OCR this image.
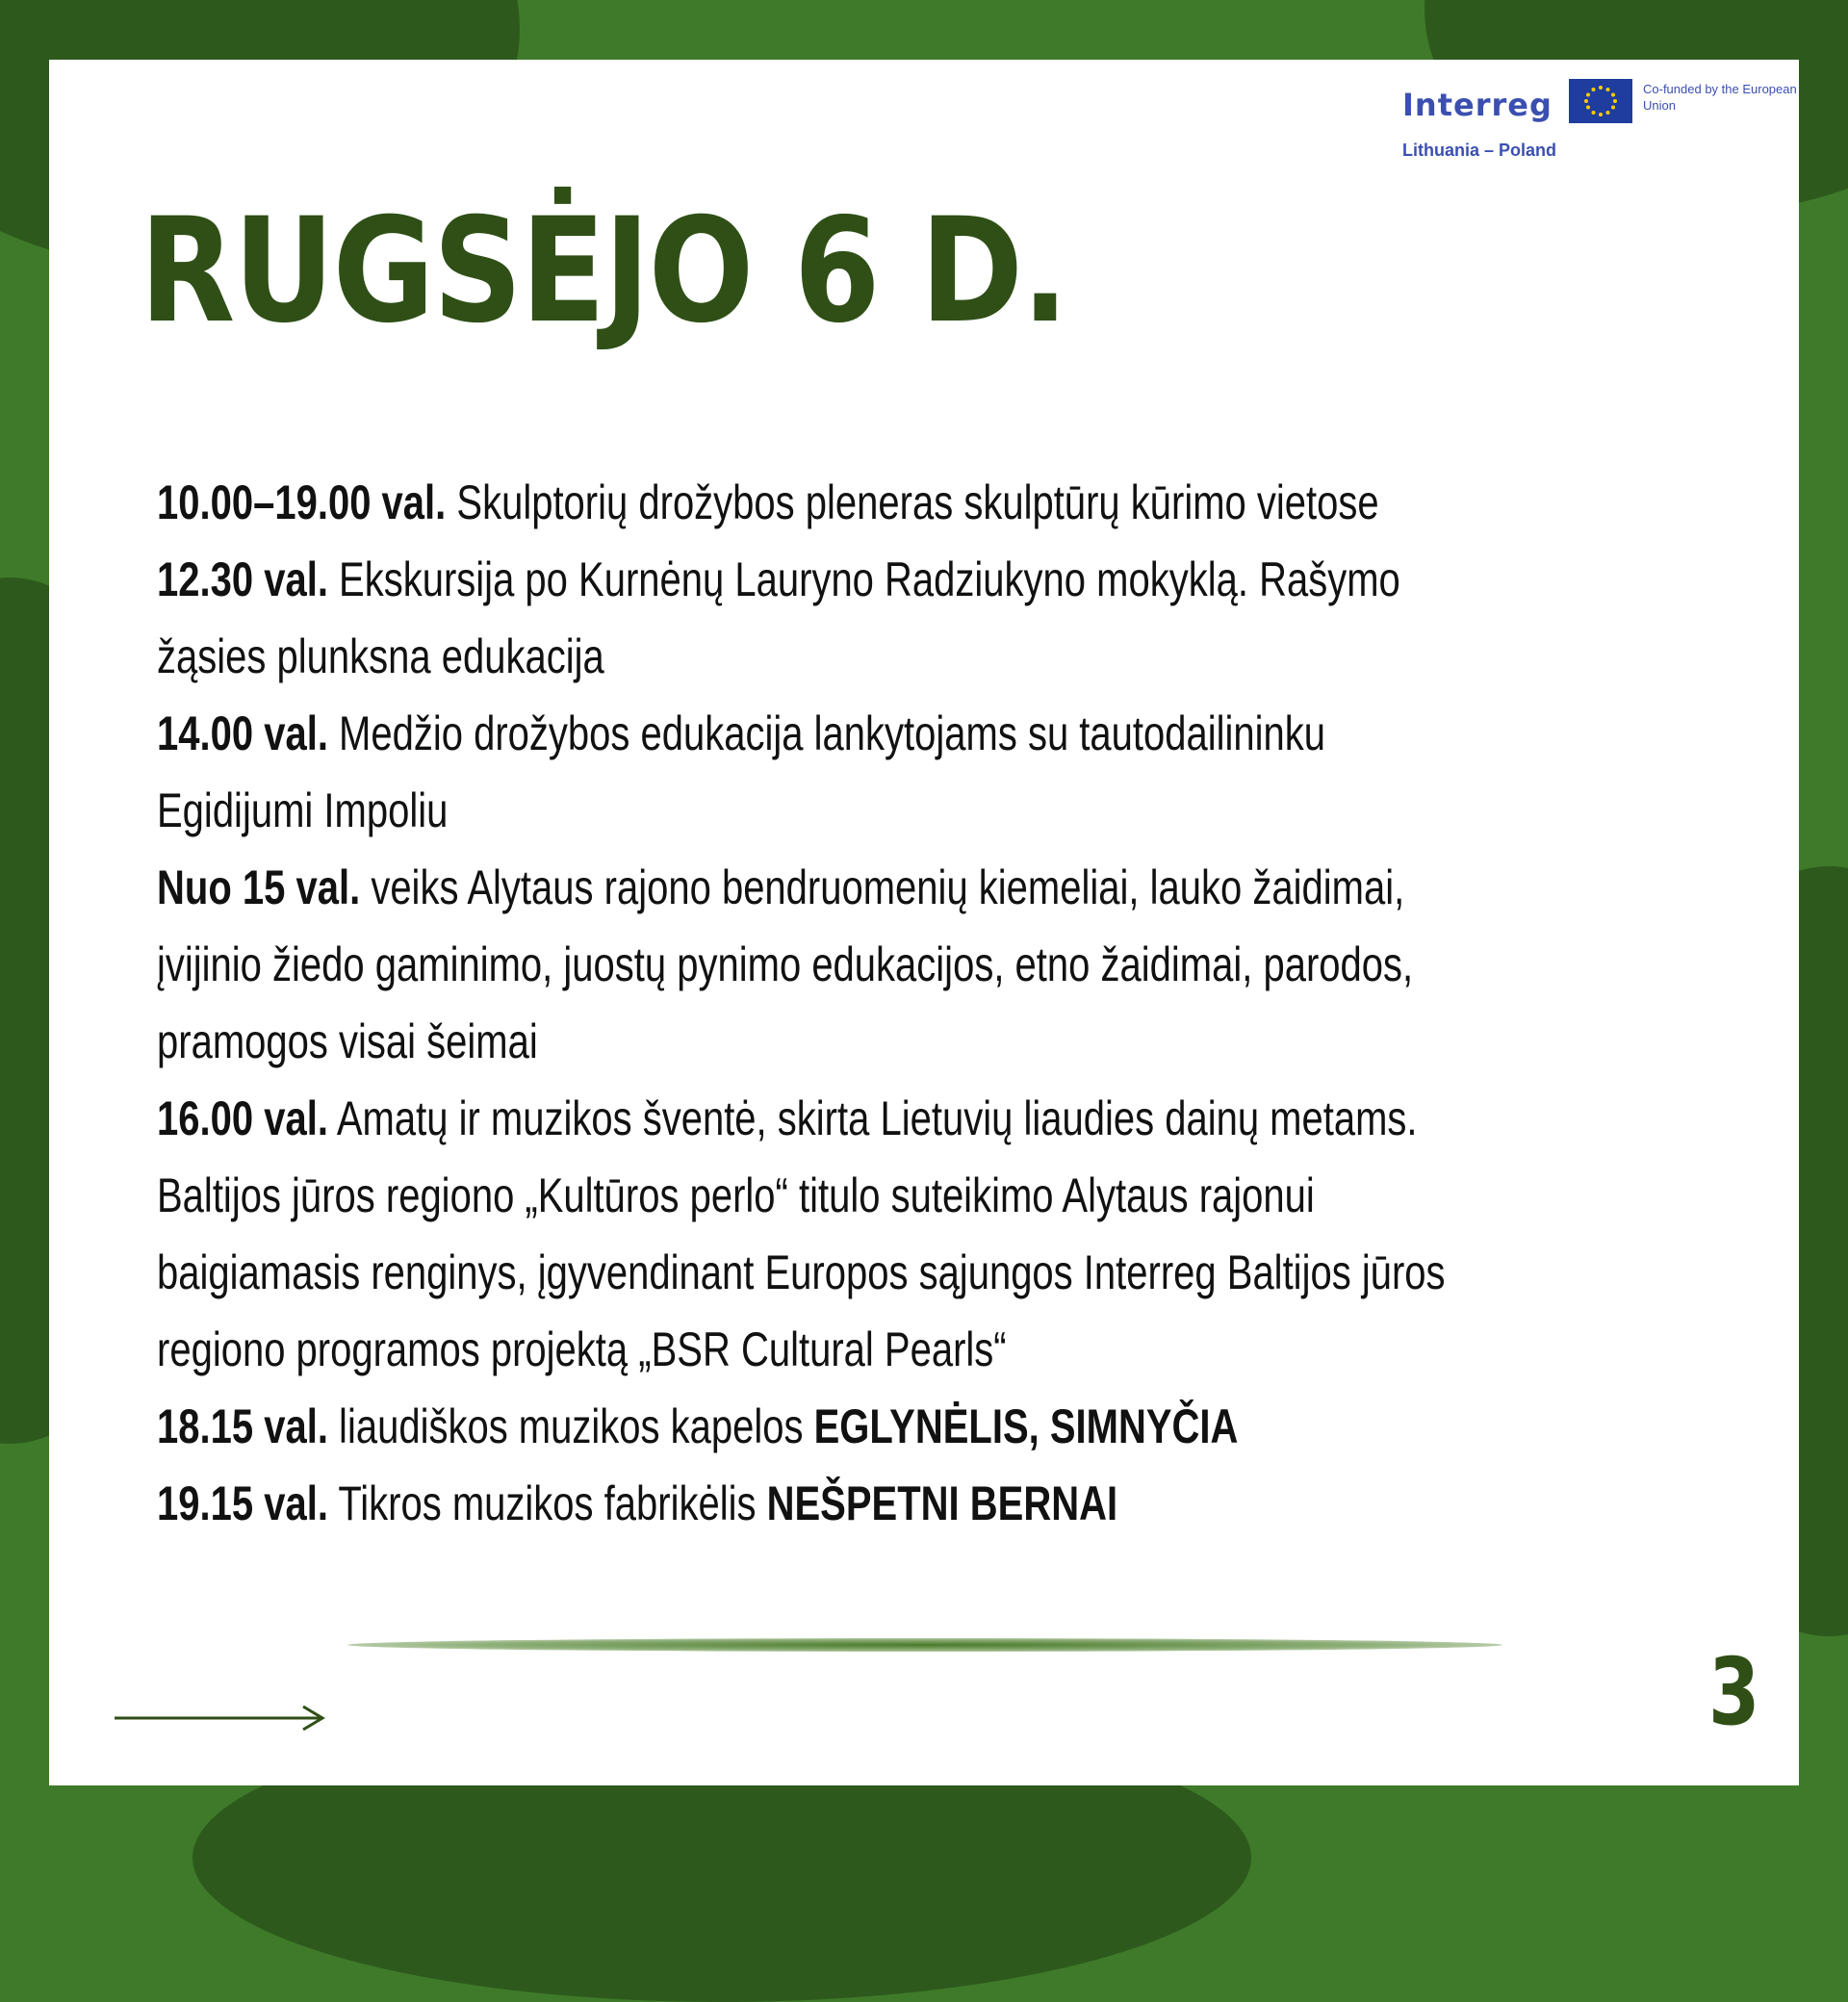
Interreg	Co-funded by the European Union
Lithuania – Poland
RUGSĖJO 6 D.

10.00–19.00 val. Skulptorių drožybos pleneras skulptūrų kūrimo vietose

12.30 val. Ekskursija po Kurnėnų Lauryno Radziukyno mokyklą. Rašymo žąsies plunksna edukacija

14.00 val. Medžio drožybos edukacija lankytojams su tautodailininku Egidijumi Impoliu

Nuo 15 val. veiks Alytaus rajono bendruomenių kiemeliai, lauko žaidimai, įvijinio žiedo gaminimo, juostų pynimo edukacijos, etno žaidimai, parodos, pramogos visai šeimai

16.00 val. Amatų ir muzikos šventė, skirta Lietuvių liaudies dainų metams. Baltijos jūros regiono „Kultūros perlo“ titulo suteikimo Alytaus rajonui baigiamasis renginys, įgyvendinant Europos sąjungos Interreg Baltijos jūros regiono programos projektą „BSR Cultural Pearls“

18.15 val. liaudiškos muzikos kapelos EGLYNĖLIS, SIMNYČIA

19.15 val. Tikros muzikos fabrikėlis NEŠPETNI BERNAI

3
